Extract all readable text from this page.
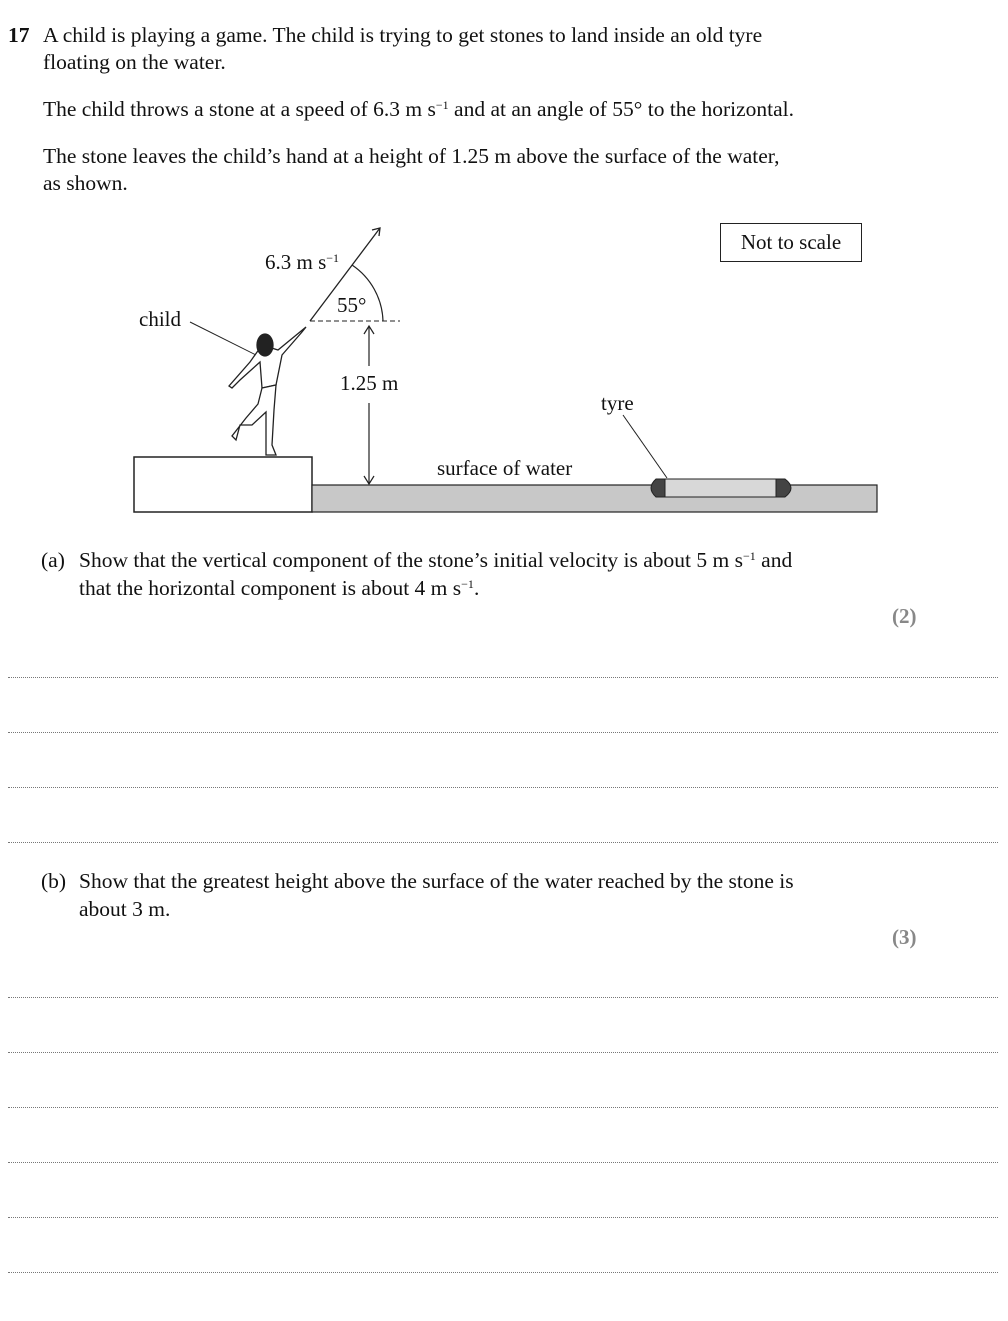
17 A child is playing a game. The child is trying to get stones to land inside an old tyre
floating on the water.
The child throws a stone at a speed of 6.3 m $s^{-1}$ and at an angle of 55° to the horizontal.
The stone leaves the child’s hand at a height of 1.25 m above the surface of the water,
as shown.
Not to scale
6.3 m $s^{-1}$
55°
child
1.25 m
tyre
surface of water
(a) Show that the vertical component of the stone’s initial velocity is about 5 m $s^{-1}$ and
that the horizontal component is about 4 m $s^{-1}$.
(2)
(b) Show that the greatest height above the surface of the water reached by the stone is
about 3 m.
(3)
